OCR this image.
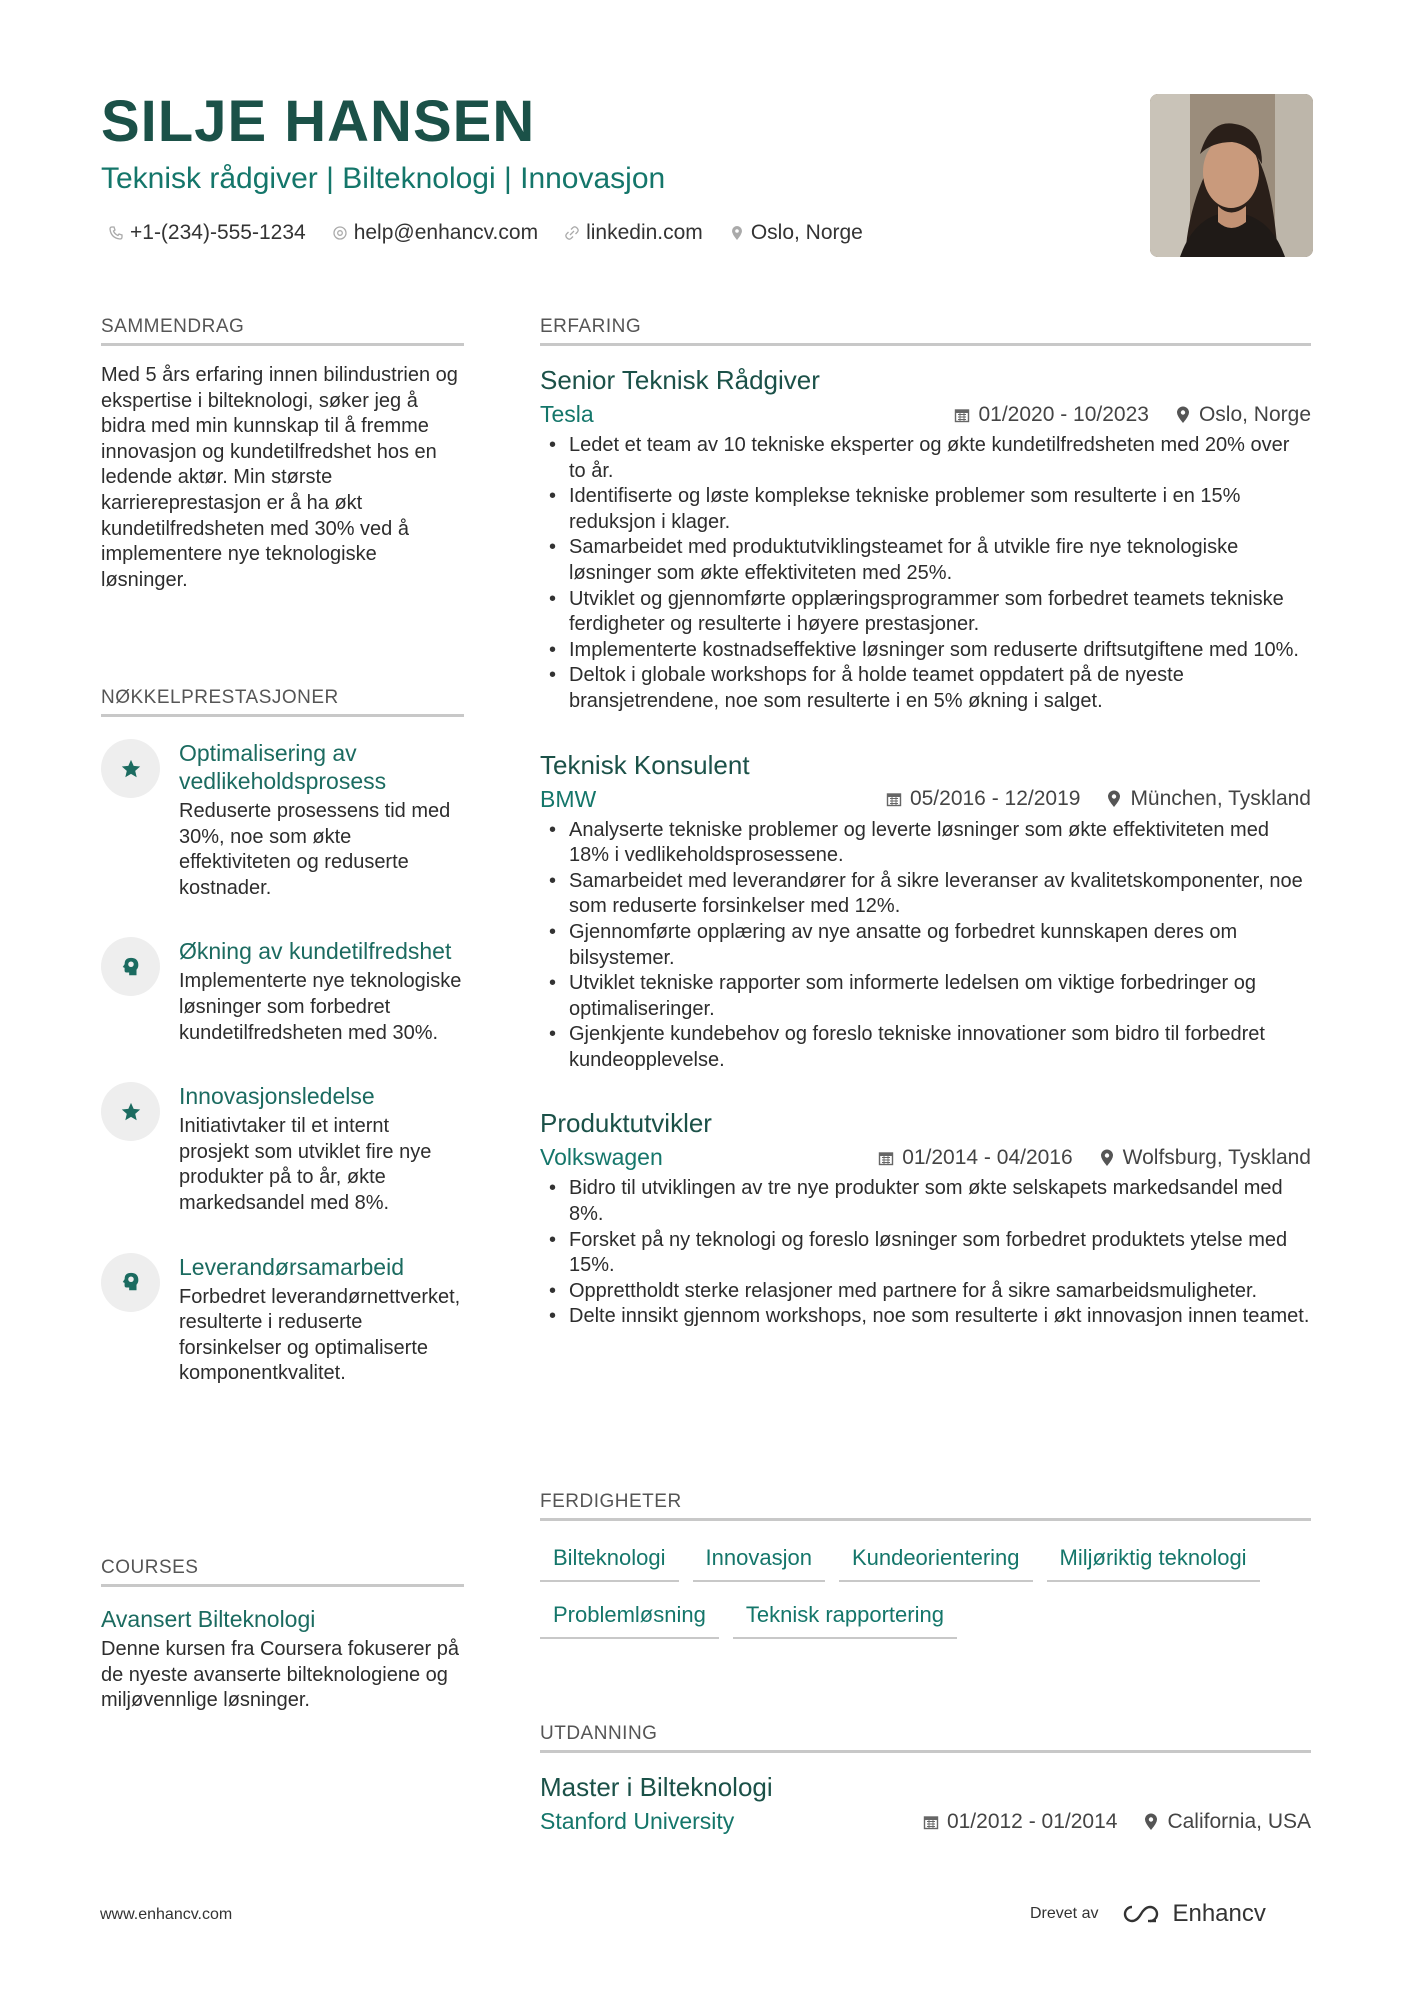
SILJE HANSEN
Teknisk rådgiver | Bilteknologi | Innovasjon
+1-(234)-555-1234 help@enhancv.com linkedin.com Oslo, Norge
SAMMENDRAG
Med 5 års erfaring innen bilindustrien og ekspertise i bilteknologi, søker jeg å bidra med min kunnskap til å fremme innovasjon og kundetilfredshet hos en ledende aktør. Min største karriereprestasjon er å ha økt kundetilfredsheten med 30% ved å implementere nye teknologiske løsninger.
NØKKELPRESTASJONER
Optimalisering av vedlikeholdsprosess
Reduserte prosessens tid med 30%, noe som økte effektiviteten og reduserte kostnader.
Økning av kundetilfredshet
Implementerte nye teknologiske løsninger som forbedret kundetilfredsheten med 30%.
Innovasjonsledelse
Initiativtaker til et internt prosjekt som utviklet fire nye produkter på to år, økte markedsandel med 8%.
Leverandørsamarbeid
Forbedret leverandørnettverket, resulterte i reduserte forsinkelser og optimaliserte komponentkvalitet.
COURSES
Avansert Bilteknologi
Denne kursen fra Coursera fokuserer på de nyeste avanserte bilteknologiene og miljøvennlige løsninger.
ERFARING
Senior Teknisk Rådgiver
Tesla	01/2020 - 10/2023 Oslo, Norge
• Ledet et team av 10 tekniske eksperter og økte kundetilfredsheten med 20% over to år.
• Identifiserte og løste komplekse tekniske problemer som resulterte i en 15% reduksjon i klager.
• Samarbeidet med produktutviklingsteamet for å utvikle fire nye teknologiske løsninger som økte effektiviteten med 25%.
• Utviklet og gjennomførte opplæringsprogrammer som forbedret teamets tekniske ferdigheter og resulterte i høyere prestasjoner.
• Implementerte kostnadseffektive løsninger som reduserte driftsutgiftene med 10%.
• Deltok i globale workshops for å holde teamet oppdatert på de nyeste bransjetrendene, noe som resulterte i en 5% økning i salget.
Teknisk Konsulent
BMW	05/2016 - 12/2019 München, Tyskland
• Analyserte tekniske problemer og leverte løsninger som økte effektiviteten med 18% i vedlikeholdsprosessene.
• Samarbeidet med leverandører for å sikre leveranser av kvalitetskomponenter, noe som reduserte forsinkelser med 12%.
• Gjennomførte opplæring av nye ansatte og forbedret kunnskapen deres om bilsystemer.
• Utviklet tekniske rapporter som informerte ledelsen om viktige forbedringer og optimaliseringer.
• Gjenkjente kundebehov og foreslo tekniske innovationer som bidro til forbedret kundeopplevelse.
Produktutvikler
Volkswagen	01/2014 - 04/2016 Wolfsburg, Tyskland
• Bidro til utviklingen av tre nye produkter som økte selskapets markedsandel med 8%.
• Forsket på ny teknologi og foreslo løsninger som forbedret produktets ytelse med 15%.
• Opprettholdt sterke relasjoner med partnere for å sikre samarbeidsmuligheter.
• Delte innsikt gjennom workshops, noe som resulterte i økt innovasjon innen teamet.
FERDIGHETER
Bilteknologi	Innovasjon	Kundeorientering	Miljøriktig teknologi
Problemløsning	Teknisk rapportering
UTDANNING
Master i Bilteknologi
Stanford University	01/2012 - 01/2014 California, USA
www.enhancv.com	Drevet av	Enhancv
